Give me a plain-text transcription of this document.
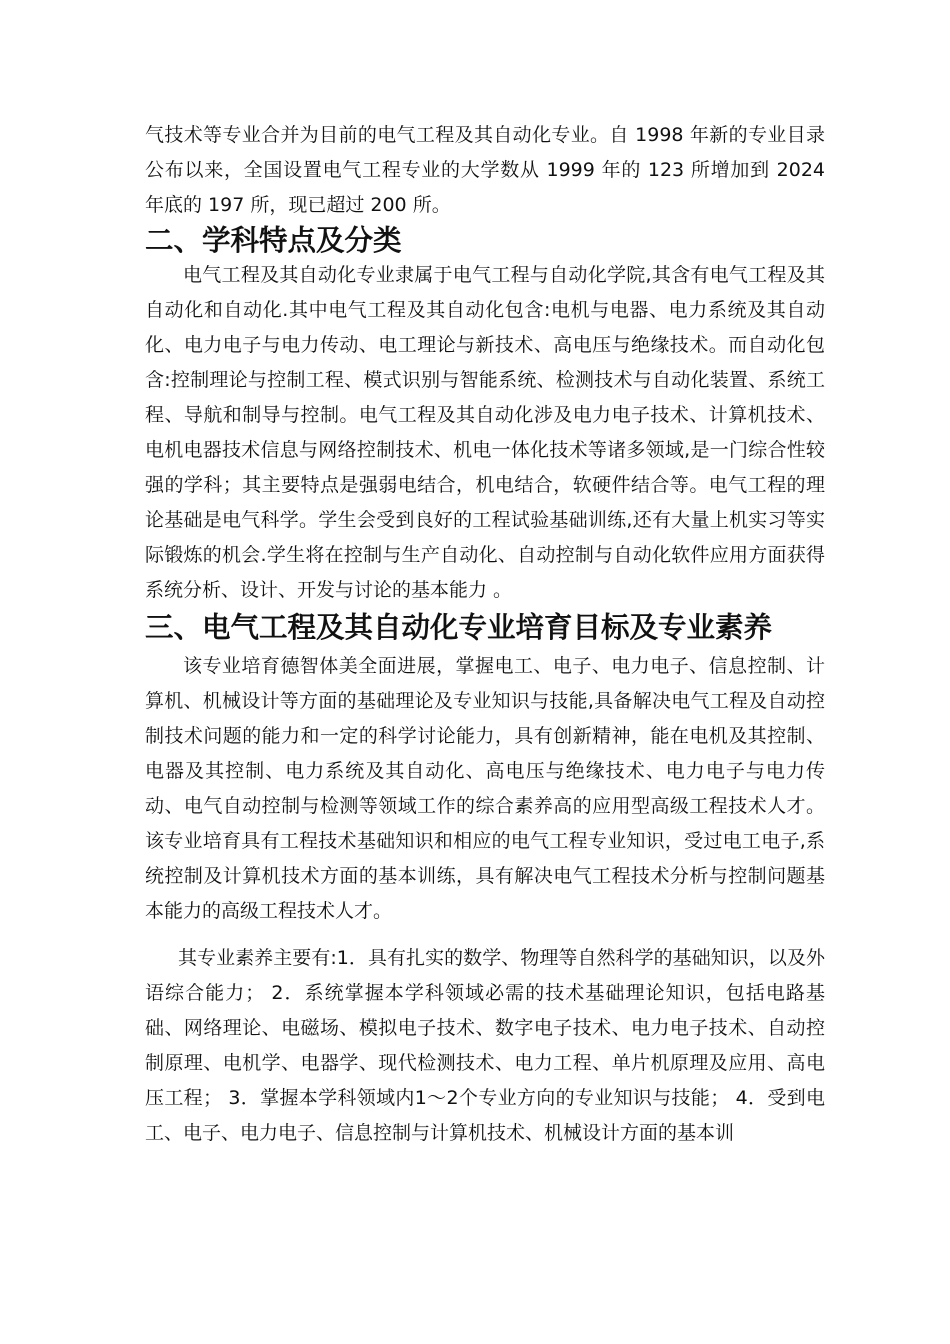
气技术等专业合并为目前的电气工程及其自动化专业。自 1998 年新的专业目录公布以来，全国设置电气工程专业的大学数从 1999 年的 123 所增加到 2024 年底的 197 所，现已超过 200 所。

二、学科特点及分类

电气工程及其自动化专业隶属于电气工程与自动化学院,其含有电气工程及其自动化和自动化.其中电气工程及其自动化包含:电机与电器、电力系统及其自动化、电力电子与电力传动、电工理论与新技术、高电压与绝缘技术。而自动化包含:控制理论与控制工程、模式识别与智能系统、检测技术与自动化装置、系统工程、导航和制导与控制。电气工程及其自动化涉及电力电子技术、计算机技术、电机电器技术信息与网络控制技术、机电一体化技术等诸多领域,是一门综合性较强的学科；其主要特点是强弱电结合，机电结合，软硬件结合等。电气工程的理论基础是电气科学。学生会受到良好的工程试验基础训练,还有大量上机实习等实际锻炼的机会.学生将在控制与生产自动化、自动控制与自动化软件应用方面获得系统分析、设计、开发与讨论的基本能力 。

三、电气工程及其自动化专业培育目标及专业素养

该专业培育德智体美全面进展，掌握电工、电子、电力电子、信息控制、计算机、机械设计等方面的基础理论及专业知识与技能,具备解决电气工程及自动控制技术问题的能力和一定的科学讨论能力，具有创新精神，能在电机及其控制、电器及其控制、电力系统及其自动化、高电压与绝缘技术、电力电子与电力传动、电气自动控制与检测等领域工作的综合素养高的应用型高级工程技术人才。该专业培育具有工程技术基础知识和相应的电气工程专业知识，受过电工电子,系统控制及计算机技术方面的基本训练，具有解决电气工程技术分析与控制问题基本能力的高级工程技术人才。

其专业素养主要有:1．具有扎实的数学、物理等自然科学的基础知识，以及外语综合能力； 2．系统掌握本学科领域必需的技术基础理论知识，包括电路基础、网络理论、电磁场、模拟电子技术、数字电子技术、电力电子技术、自动控制原理、电机学、电器学、现代检测技术、电力工程、单片机原理及应用、高电压工程； 3．掌握本学科领域内1～2个专业方向的专业知识与技能； 4．受到电工、电子、电力电子、信息控制与计算机技术、机械设计方面的基本训
